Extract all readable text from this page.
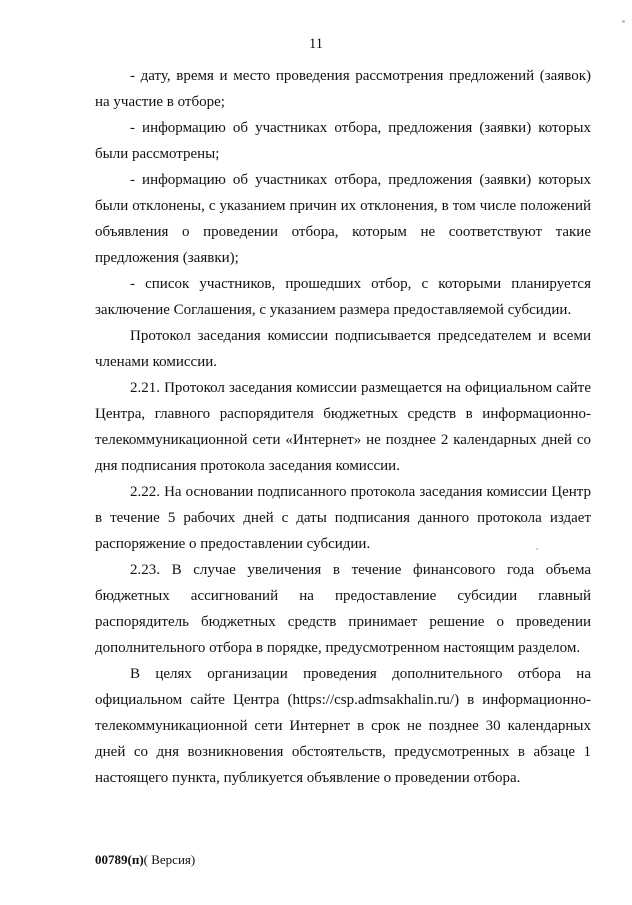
11

- дату, время и место проведения рассмотрения предложений (заявок) на участие в отборе;

- информацию об участниках отбора, предложения (заявки) которых были рассмотрены;

- информацию об участниках отбора, предложения (заявки) которых были отклонены, с указанием причин их отклонения, в том числе положений объявления о проведении отбора, которым не соответствуют такие предложения (заявки);

- список участников, прошедших отбор, с которыми планируется заключение Соглашения, с указанием размера предоставляемой субсидии.

Протокол заседания комиссии подписывается председателем и всеми членами комиссии.

2.21. Протокол заседания комиссии размещается на официальном сайте Центра, главного распорядителя бюджетных средств в информационно-телекоммуникационной сети «Интернет» не позднее 2 календарных дней со дня подписания протокола заседания комиссии.

2.22. На основании подписанного протокола заседания комиссии Центр в течение 5 рабочих дней с даты подписания данного протокола издает распоряжение о предоставлении субсидии.

2.23. В случае увеличения в течение финансового года объема бюджетных ассигнований на предоставление субсидии главный распорядитель бюджетных средств принимает решение о проведении дополнительного отбора в порядке, предусмотренном настоящим разделом.

В целях организации проведения дополнительного отбора на официальном сайте Центра (https://csp.admsakhalin.ru/) в информационно-телекоммуникационной сети Интернет в срок не позднее 30 календарных дней со дня возникновения обстоятельств, предусмотренных в абзаце 1 настоящего пункта, публикуется объявление о проведении отбора.

00789(п)( Версия)
